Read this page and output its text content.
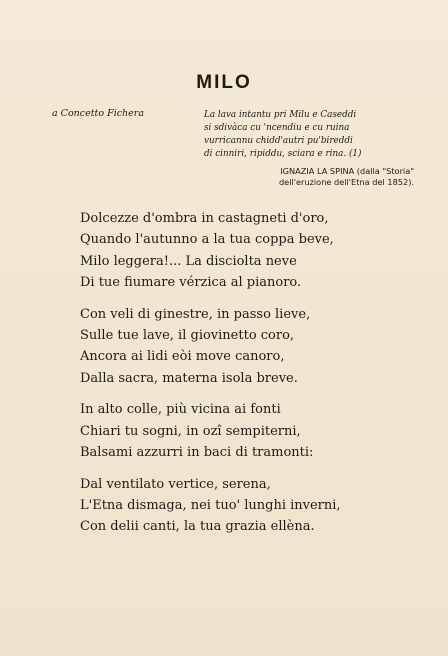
MILO
a Concetto Fichera	La lava intantu pri Milu e Caseddi
si sdivàca cu 'ncendiu e cu ruina
vurricannu chidd'autri pu'bireddi
di cinniri, ripiddu, sciara e rina. (1)
IGNAZIA LA SPINA (dalla "Storia"
dell'eruzione dell'Etna del 1852).
Dolcezze d'ombra in castagneti d'oro,
Quando l'autunno a la tua coppa beve,
Milo leggera!... La disciolta neve
Di tue fiumare vérzica al pianoro.
Con veli di ginestre, in passo lieve,
Sulle tue lave, il giovinetto coro,
Ancora ai lidi eòi move canoro,
Dalla sacra, materna isola breve.
In alto colle, più vicina ai fonti
Chiari tu sogni, in ozî sempiterni,
Balsami azzurri in baci di tramonti:
Dal ventilato vertice, serena,
L'Etna dismaga, nei tuo' lunghi inverni,
Con delii canti, la tua grazia ellèna.
